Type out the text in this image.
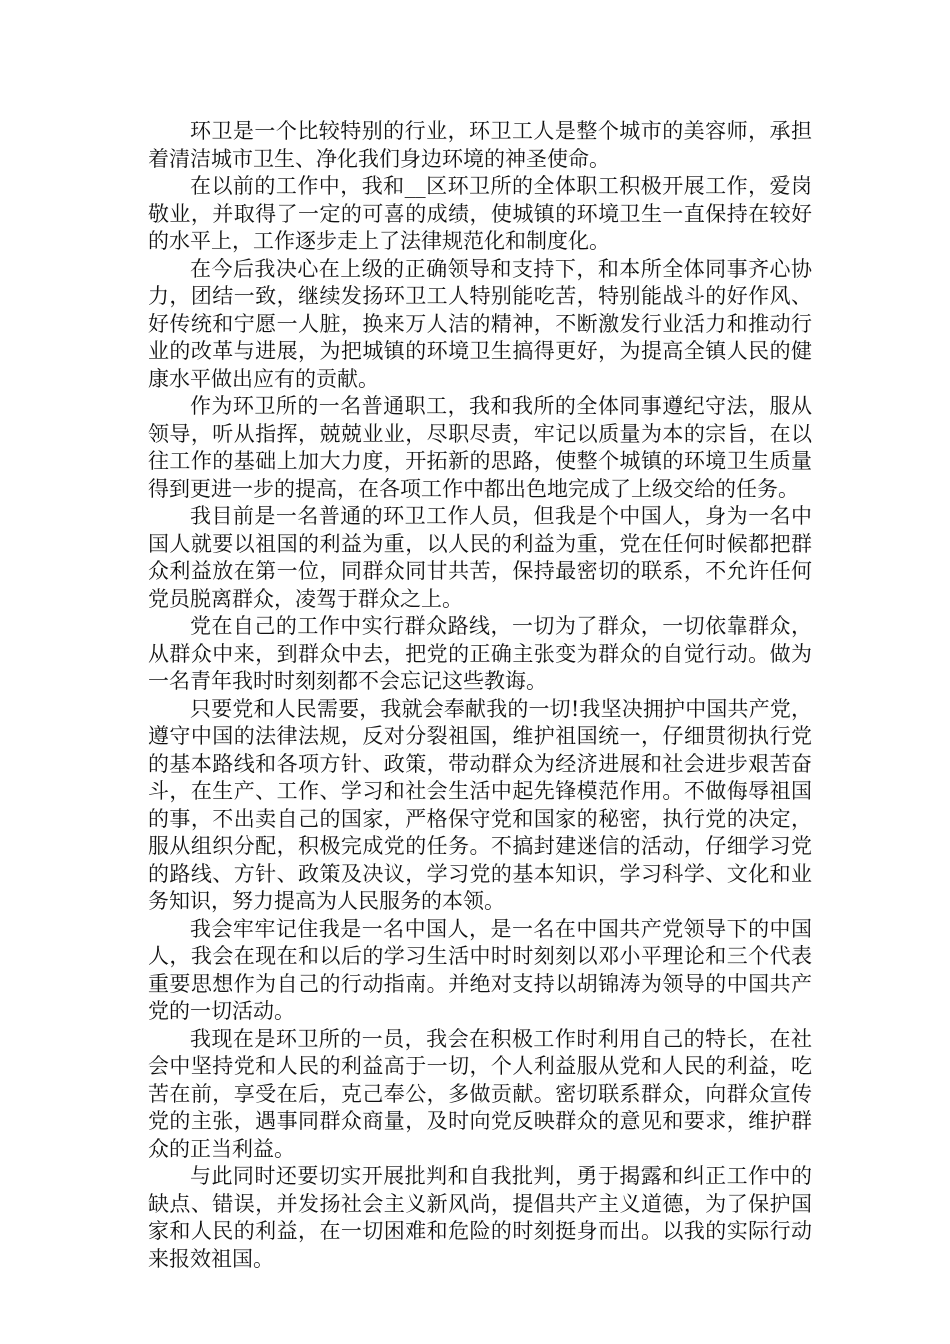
环卫是一个比较特别的行业，环卫工人是整个城市的美容师，承担着清洁城市卫生、净化我们身边环境的神圣使命。

在以前的工作中，我和__区环卫所的全体职工积极开展工作，爱岗敬业，并取得了一定的可喜的成绩，使城镇的环境卫生一直保持在较好的水平上，工作逐步走上了法律规范化和制度化。

在今后我决心在上级的正确领导和支持下，和本所全体同事齐心协力，团结一致，继续发扬环卫工人特别能吃苦，特别能战斗的好作风、好传统和宁愿一人脏，换来万人洁的精神，不断激发行业活力和推动行业的改革与进展，为把城镇的环境卫生搞得更好，为提高全镇人民的健康水平做出应有的贡献。

作为环卫所的一名普通职工，我和我所的全体同事遵纪守法，服从领导，听从指挥，兢兢业业，尽职尽责，牢记以质量为本的宗旨，在以往工作的基础上加大力度，开拓新的思路，使整个城镇的环境卫生质量得到更进一步的提高，在各项工作中都出色地完成了上级交给的任务。

我目前是一名普通的环卫工作人员，但我是个中国人，身为一名中国人就要以祖国的利益为重，以人民的利益为重，党在任何时候都把群众利益放在第一位，同群众同甘共苦，保持最密切的联系，不允许任何党员脱离群众，凌驾于群众之上。

党在自己的工作中实行群众路线，一切为了群众，一切依靠群众，从群众中来，到群众中去，把党的正确主张变为群众的自觉行动。做为一名青年我时时刻刻都不会忘记这些教诲。

只要党和人民需要，我就会奉献我的一切!我坚决拥护中国共产党，遵守中国的法律法规，反对分裂祖国，维护祖国统一，仔细贯彻执行党的基本路线和各项方针、政策，带动群众为经济进展和社会进步艰苦奋斗，在生产、工作、学习和社会生活中起先锋模范作用。不做侮辱祖国的事，不出卖自己的国家，严格保守党和国家的秘密，执行党的决定，服从组织分配，积极完成党的任务。不搞封建迷信的活动，仔细学习党的路线、方针、政策及决议，学习党的基本知识，学习科学、文化和业务知识，努力提高为人民服务的本领。

我会牢牢记住我是一名中国人，是一名在中国共产党领导下的中国人，我会在现在和以后的学习生活中时时刻刻以邓小平理论和三个代表重要思想作为自己的行动指南。并绝对支持以胡锦涛为领导的中国共产党的一切活动。

我现在是环卫所的一员，我会在积极工作时利用自己的特长，在社会中坚持党和人民的利益高于一切，个人利益服从党和人民的利益，吃苦在前，享受在后，克己奉公，多做贡献。密切联系群众，向群众宣传党的主张，遇事同群众商量，及时向党反映群众的意见和要求，维护群众的正当利益。

与此同时还要切实开展批判和自我批判，勇于揭露和纠正工作中的缺点、错误，并发扬社会主义新风尚，提倡共产主义道德，为了保护国家和人民的利益，在一切困难和危险的时刻挺身而出。以我的实际行动来报效祖国。
